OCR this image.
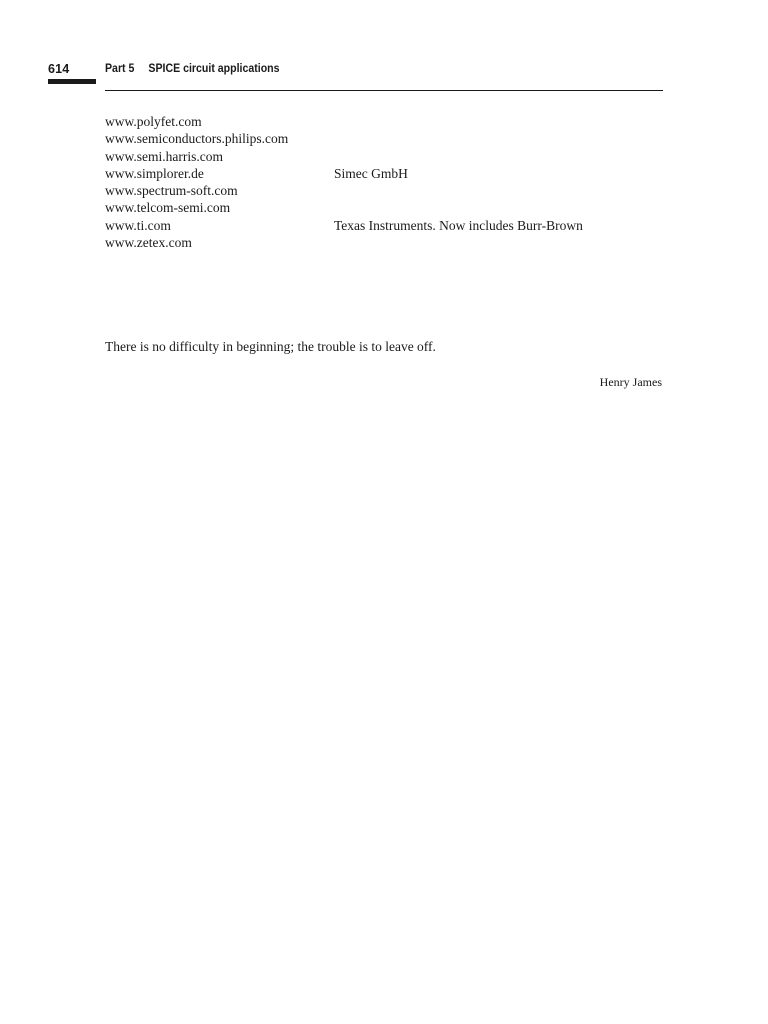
614	Part 5 SPICE circuit applications
www.polyfet.com
www.semiconductors.philips.com
www.semi.harris.com
www.simplorer.de	Simec GmbH
www.spectrum-soft.com
www.telcom-semi.com
www.ti.com	Texas Instruments. Now includes Burr-Brown
www.zetex.com
There is no difficulty in beginning; the trouble is to leave off.
Henry James
